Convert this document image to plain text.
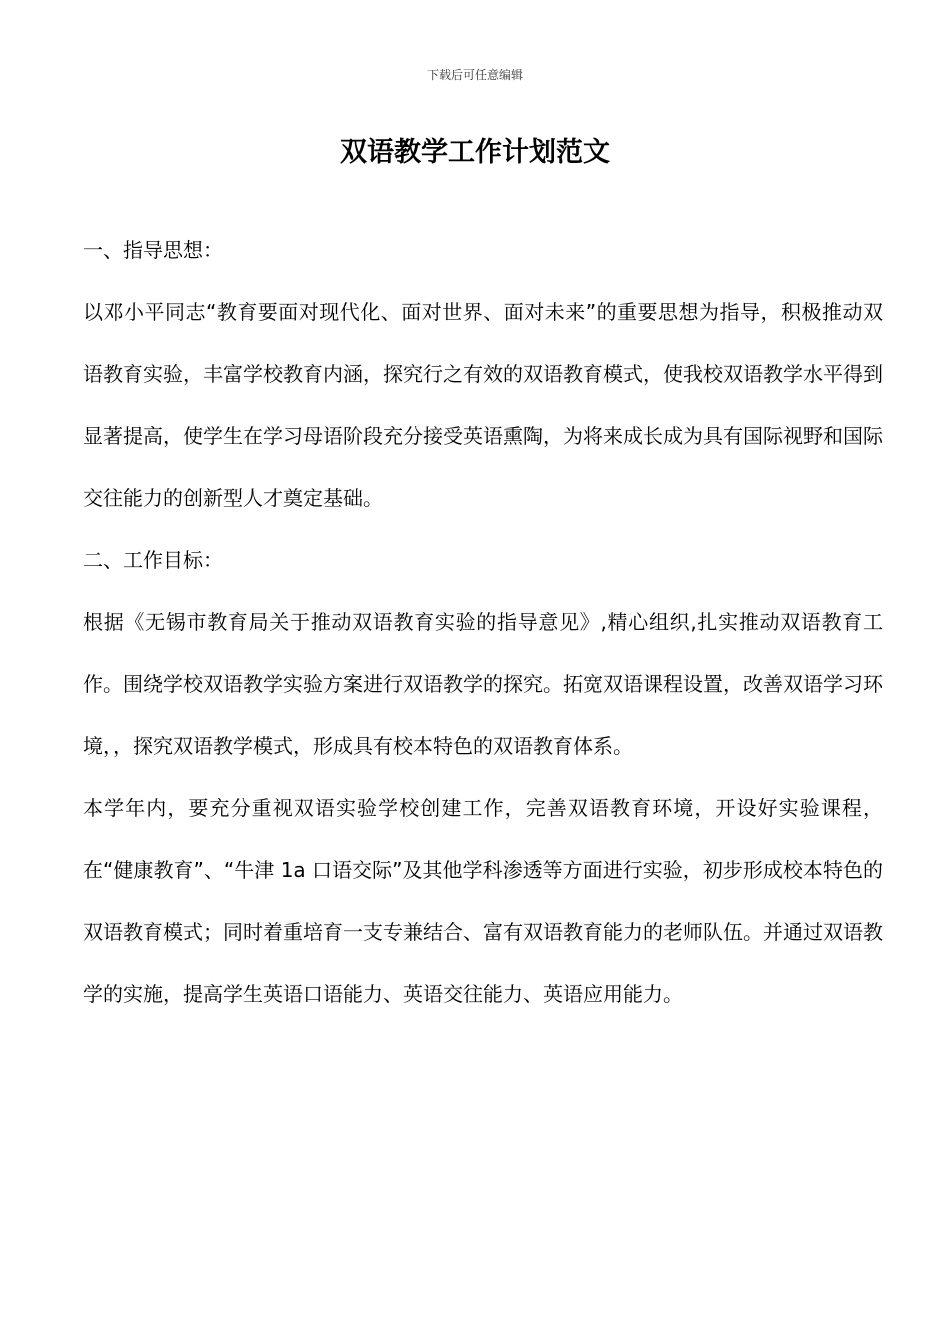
下载后可任意编辑
双语教学工作计划范文
一、指导思想：

以邓小平同志“教育要面对现代化、面对世界、面对未来”的重要思想为指导，积极推动双语教育实验，丰富学校教育内涵，探究行之有效的双语教育模式，使我校双语教学水平得到显著提高，使学生在学习母语阶段充分接受英语熏陶，为将来成长成为具有国际视野和国际交往能力的创新型人才奠定基础。

二、工作目标：

根据《无锡市教育局关于推动双语教育实验的指导意见》,精心组织,扎实推动双语教育工作。围绕学校双语教学实验方案进行双语教学的探究。拓宽双语课程设置，改善双语学习环境，，探究双语教学模式，形成具有校本特色的双语教育体系。

本学年内，要充分重视双语实验学校创建工作，完善双语教育环境，开设好实验课程，在“健康教育”、“牛津 1a 口语交际”及其他学科渗透等方面进行实验，初步形成校本特色的双语教育模式；同时着重培育一支专兼结合、富有双语教育能力的老师队伍。并通过双语教学的实施，提高学生英语口语能力、英语交往能力、英语应用能力。
